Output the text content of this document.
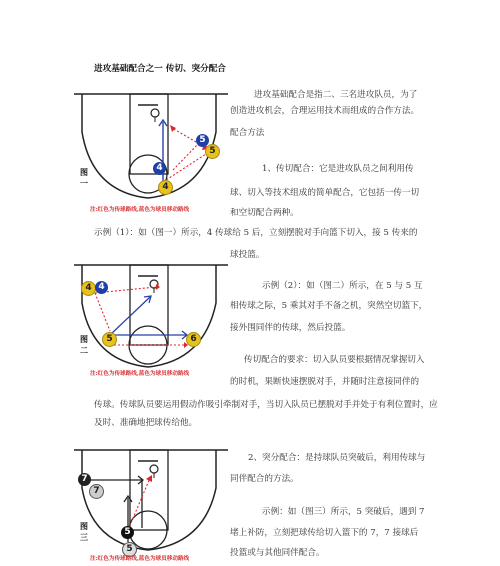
进攻基础配合之一 传切、突分配合
进攻基础配合是指二、三名进攻队员，为了
创造进攻机会，合理运用技术而组成的合作方法。
配合方法
1、传切配合：它是进攻队员之间利用传
球、切入等技术组成的简单配合，它包括一传一切
和空切配合两种。
示例（1）：如（图一）所示，4 传球给 5 后，立刻摆脱对手向篮下切入，接 5 传来的
球投篮。
示例（2）：如（图二）所示，在 5 与 5 互
相传球之际，5 乘其对手不备之机，突然空切篮下，
接外围同伴的传球，然后投篮。
传切配合的要求：切入队员要根据情况掌握切入
的时机，果断快速摆脱对手，并随时注意接同伴的
传球。传球队员要运用假动作吸引牵制对手，当切入队员已摆脱对手并处于有利位置时，应
及时、准确地把球传给他。
2、突分配合：是持球队员突破后，利用传球与
同伴配合的方法。
示例：如（图三）所示，5 突破后，遇到 7
堵上补防，立刻把球传给切入篮下的 7，7 接球后
投篮或与其他同伴配合。
图
一
5
5
4
4
注:红色为传球路线,蓝色为球员移动路线
图
二
4 4
5	6
注:红色为传球路线,蓝色为球员移动路线
图
三
7
7
5
5
注:红色为传球路线,蓝色为球员移动路线
